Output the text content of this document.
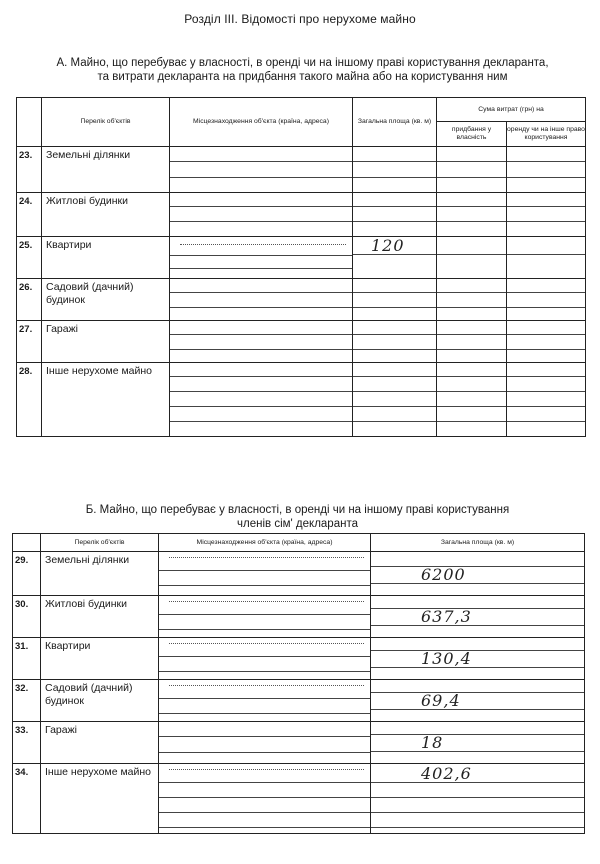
Розділ ІІІ. Відомості про нерухоме майно
А. Майно, що перебуває у власності, в оренді чи на іншому праві користування декларанта,
та витрати декларанта на придбання такого майна або на користування ним
	Перелік об'єктів	Місцезнаходження об'єкта (країна, адреса)	Загальна площа (кв. м)	Сума витрат (грн) на	
				придбання у власність	оренду чи на інше право користування
23.	Земельні ділянки	

24.	Житлові будинки	

25.	Квартири		120		

26.	Садовий (дачний) будинок	

27.	Гаражі	

28.	Інше нерухоме майно	

Б. Майно, що перебуває у власності, в оренді чи на іншому праві користування
членів сім' декларанта
	Перелік об'єктів	Місцезнаходження об'єкта (країна, адреса)	Загальна площа (кв. м)
29.	Земельні ділянки		6200

30.	Житлові будинки		637,3

31.	Квартири		130,4

32.	Садовий (дачний) будинок		69,4

33.	Гаражі		18

34.	Інше нерухоме майно		402,6
